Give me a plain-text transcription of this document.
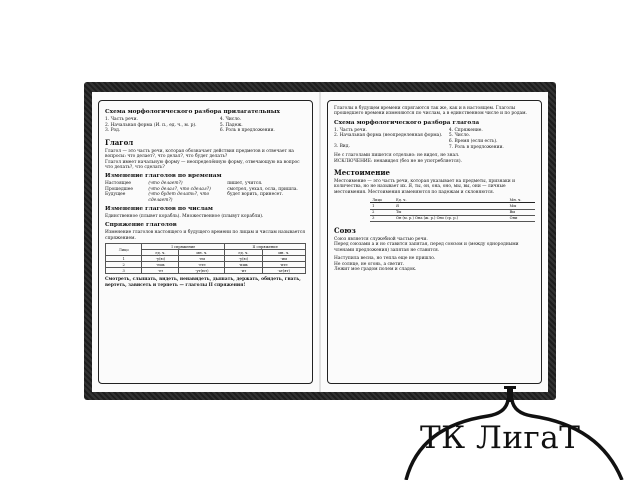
Схема морфологического разбора прилагательных
1. Часть речи.
2. Начальная форма (И. п., ед. ч., м. р).
3. Род.
4. Число.
5. Падеж.
6. Роль в предложении.
Глагол
Глагол — это часть речи, которая обозначает действия предметов и отвечает на вопросы: что делает?, что делал?, что будет делать?
Глагол имеет начальную форму — неопределённую форму, отвечающую на вопрос что делать?, что сделать?
Изменение глаголов по временам
Настоящее	(что делает?)	пишет, учится.
Прошедшее	(что делал?, что сделал?)	смотрел, уехал, осла, пришла.
Будущее	(что будет делать?, что сделает?)
будет ворить, принесет.
Изменение глаголов по числам
Единственное (плывет корабль). Множественное (плывут корабли).
Спряжение глаголов
Изменение глаголов настоящего и будущего времени по лицам и числам называется спряжением.
Лицо	I спряжение		II спряжение	
	ед. ч.	мн. ч.	ед. ч.	мн. ч.
1	-у(ю)	-ем	-у(ю)	-им
2	-ешь	-ете	-ишь	-ите
3	-ет	-ут(ют)	-ит	-ат(ят)
Смотреть, слышать, видеть, ненавидеть, дышать, держать, обидеть, гнать, вертеть, зависеть и терпеть — глаголы II спряжения!
Глаголы в будущем времени спрягаются так же, как и в настоящем. Глаголы прошедшего времени изменяются по числам, а в единственном числе и по родам.
Схема морфологического разбора глагола
1. Часть речи.
2. Начальная форма (неопределенная форма).
3. Вид.
4. Спряжение.
5. Число.
6. Время (если есть).
7. Роль в предложении.
Не с глаголами пишется отдельно: не видел, не знал.
ИСКЛЮЧЕНИЕ: ненавидел (без не не употребляется).
Местоимение
Местоимение — это часть речи, которая указывает на предметы, признаки и количества, но не называет их. Я, ты, он, она, оно, мы, вы, они — личные местоимения. Местоимения изменяются по падежам и склоняются.
Лицо	Ед. ч.	Мн. ч.
1	Я	Мы
2	Ты	Вы
3	Он (м. р.) Она (ж. р.) Оно (ср. р.)	Они
Союз
Союз является служебной частью речи.
Перед союзами а и но ставится запятая, перед союзом и (между однородными членами предложения) запятая не ставится.
Наступила весна, но тепла еще не пришло.
Не солнце, не огонь, а светит.
Лежит мое градом полем и сладок.
ТК ЛигаТ
